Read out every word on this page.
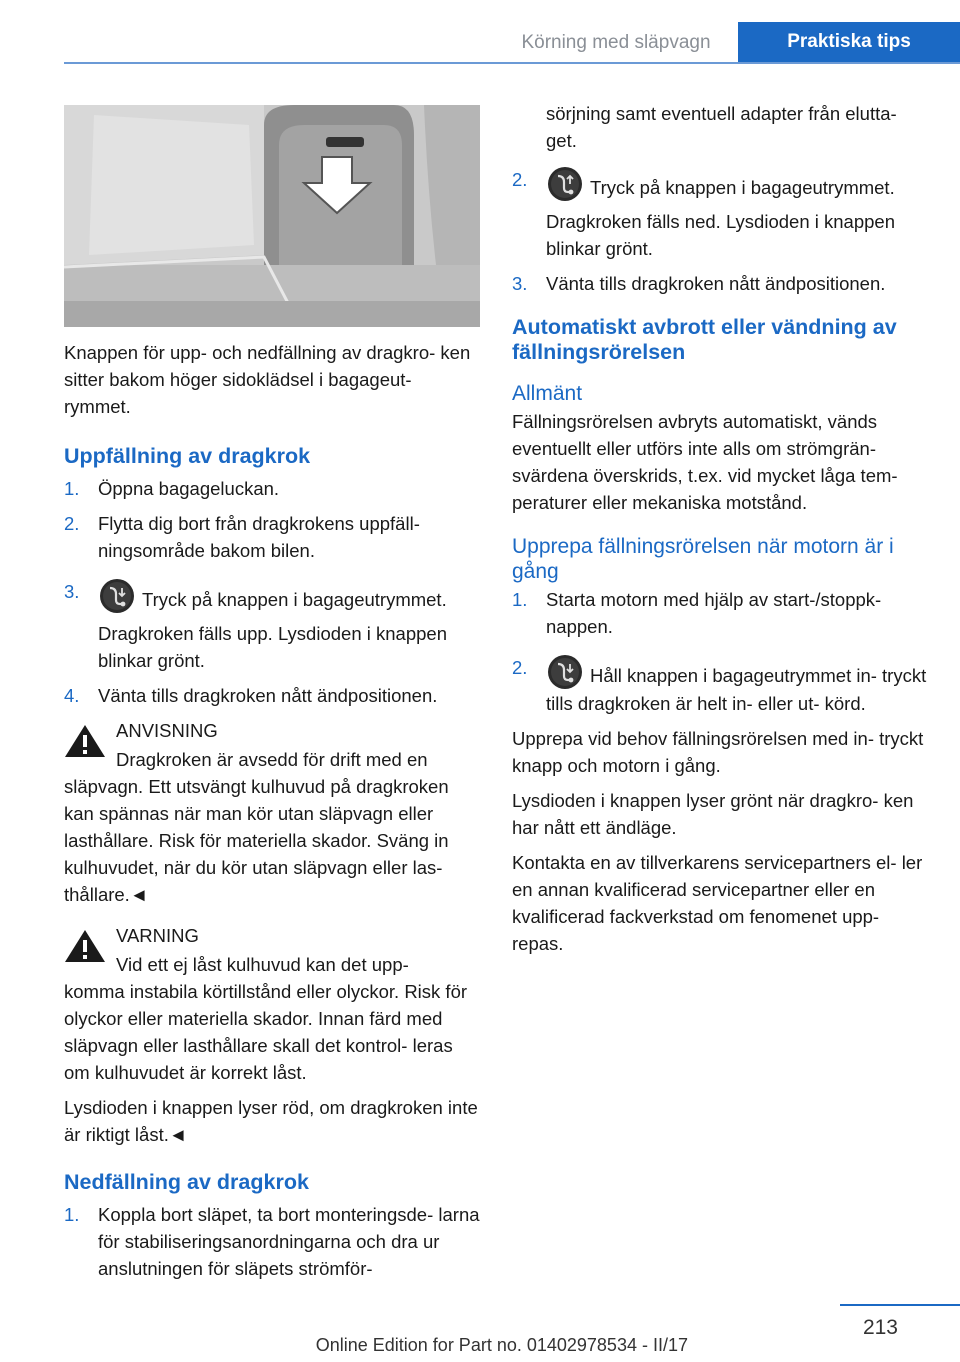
Körning med släpvagn	Praktiska tips

Knappen för upp- och nedfällning av dragkro- ken sitter bakom höger sidoklädsel i bagageut- rymmet.

Uppfällning av dragkrok
1. Öppna bagageluckan.

2. Flytta dig bort från dragkrokens uppfäll- ningsområde bakom bilen.

3.	Tryck på knappen i bagageutrymmet.

Dragkroken fälls upp. Lysdioden i knappen blinkar grönt.

4. Vänta tills dragkroken nått ändpositionen.

ANVISNING

Dragkroken är avsedd för drift med en

släpvagn. Ett utsvängt kulhuvud på dragkroken kan spännas när man kör utan släpvagn eller lasthållare. Risk för materiella skador. Sväng in kulhuvudet, när du kör utan släpvagn eller las- thållare.◄

VARNING

Vid ett ej låst kulhuvud kan det upp-

komma instabila körtillstånd eller olyckor. Risk för olyckor eller materiella skador. Innan färd med släpvagn eller lasthållare skall det kontrol- leras om kulhuvudet är korrekt låst.

Lysdioden i knappen lyser röd, om dragkroken inte är riktigt låst.◄

Nedfällning av dragkrok
1. Koppla bort släpet, ta bort monteringsde- larna för stabiliseringsanordningarna och dra ur anslutningen för släpets strömför-

sörjning samt eventuell adapter från elutta- get.

2.	Tryck på knappen i bagageutrymmet.

Dragkroken fälls ned. Lysdioden i knappen blinkar grönt.

3. Vänta tills dragkroken nått ändpositionen.

Automatiskt avbrott eller vändning av fällningsrörelsen
Allmänt

Fällningsrörelsen avbryts automatiskt, vänds eventuellt eller utförs inte alls om strömgrän- svärdena överskrids, t.ex. vid mycket låga tem- peraturer eller mekaniska motstånd.

Upprepa fällningsrörelsen när motorn är i gång
1. Starta motorn med hjälp av start-/stoppk- nappen.

2.	Håll knappen i bagageutrymmet in- tryckt tills dragkroken är helt in- eller ut- körd.

Upprepa vid behov fällningsrörelsen med in- tryckt knapp och motorn i gång.

Lysdioden i knappen lyser grönt när dragkro- ken har nått ett ändläge.

Kontakta en av tillverkarens servicepartners el- ler en annan kvalificerad servicepartner eller en kvalificerad fackverkstad om fenomenet upp- repas.

213
Online Edition for Part no. 01402978534 - II/17
